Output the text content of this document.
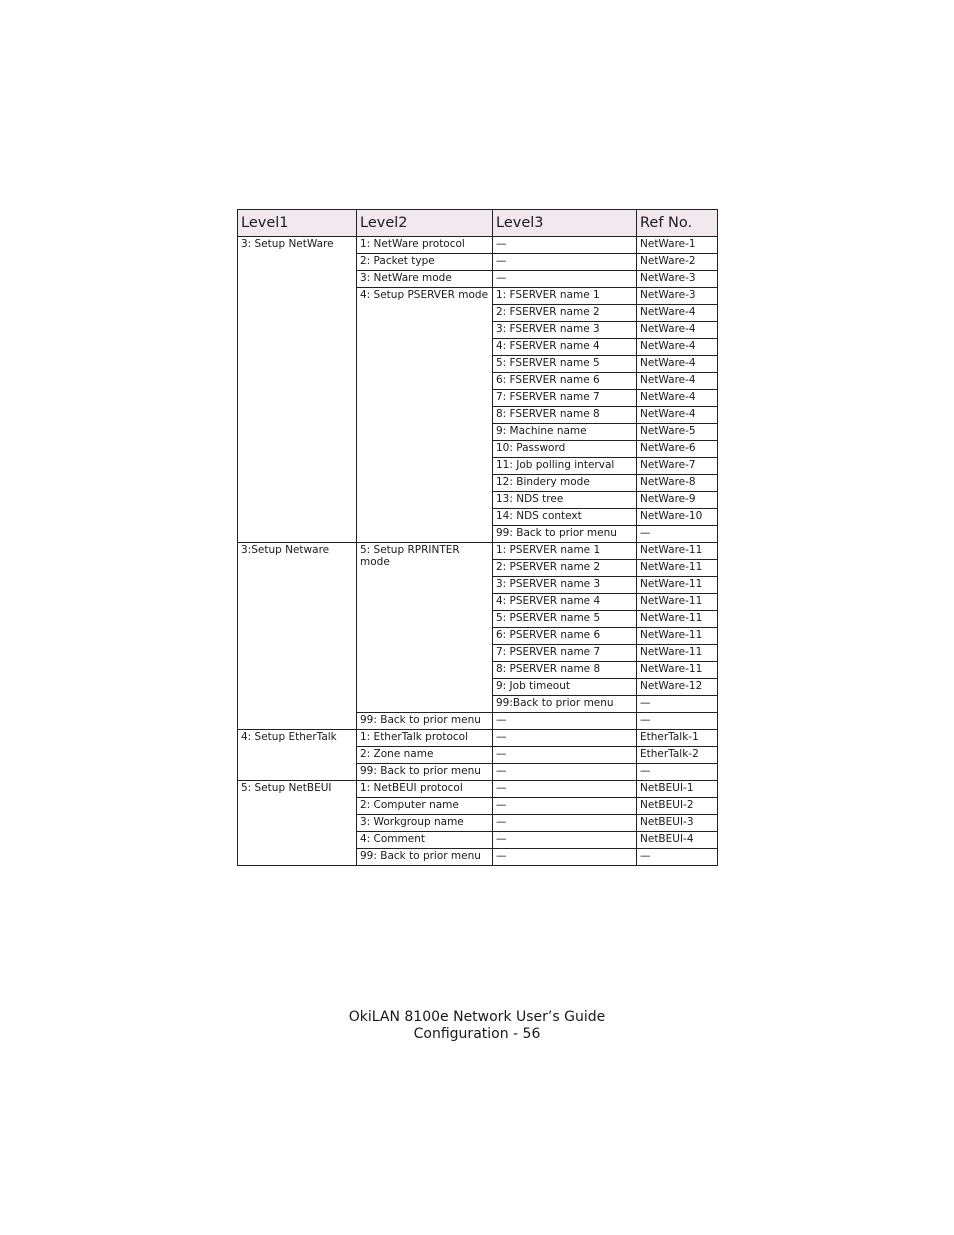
Level1	Level2	Level3	Ref No.
3: Setup NetWare	1: NetWare protocol	—	NetWare-1
	2: Packet type	—	NetWare-2
	3: NetWare mode	—	NetWare-3
	4: Setup PSERVER mode	1: FSERVER name 1	NetWare-3
		2: FSERVER name 2	NetWare-4
		3: FSERVER name 3	NetWare-4
		4: FSERVER name 4	NetWare-4
		5: FSERVER name 5	NetWare-4
		6: FSERVER name 6	NetWare-4
		7: FSERVER name 7	NetWare-4
		8: FSERVER name 8	NetWare-4
		9: Machine name	NetWare-5
		10: Password	NetWare-6
		11: Job polling interval	NetWare-7
		12: Bindery mode	NetWare-8
		13: NDS tree	NetWare-9
		14: NDS context	NetWare-10
		99: Back to prior menu	—
3:Setup Netware	5: Setup RPRINTER mode	1: PSERVER name 1	NetWare-11
		2: PSERVER name 2	NetWare-11
		3: PSERVER name 3	NetWare-11
		4: PSERVER name 4	NetWare-11
		5: PSERVER name 5	NetWare-11
		6: PSERVER name 6	NetWare-11
		7: PSERVER name 7	NetWare-11
		8: PSERVER name 8	NetWare-11
		9: Job timeout	NetWare-12
		99:Back to prior menu	—
	99: Back to prior menu	—	—
4: Setup EtherTalk	1: EtherTalk protocol	—	EtherTalk-1
	2: Zone name	—	EtherTalk-2
	99: Back to prior menu	—	—
5: Setup NetBEUI	1: NetBEUI protocol	—	NetBEUI-1
	2: Computer name	—	NetBEUI-2
	3: Workgroup name	—	NetBEUI-3
	4: Comment	—	NetBEUI-4
	99: Back to prior menu	—	—
OkiLAN 8100e Network User’s Guide
Configuration - 56
